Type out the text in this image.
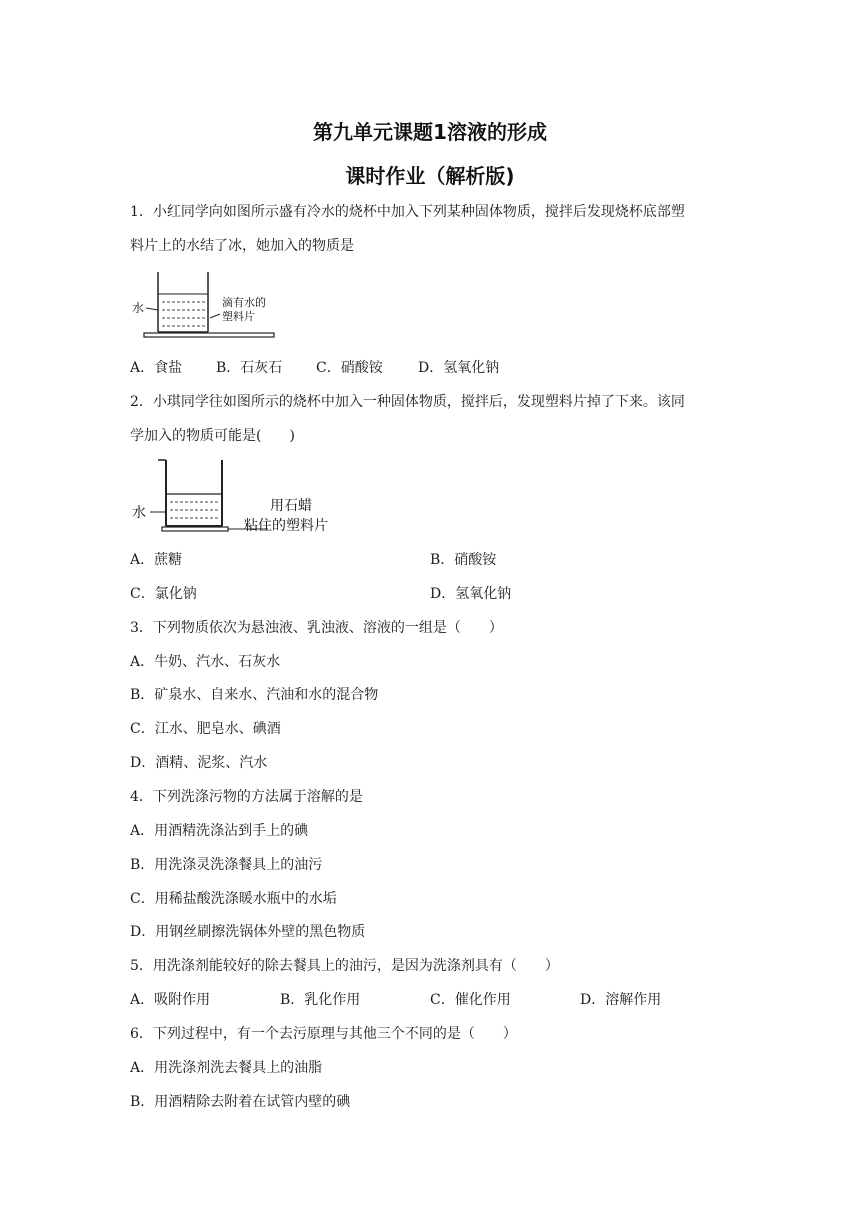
第九单元课题1溶液的形成
课时作业（解析版)
1．小红同学向如图所示盛有冷水的烧杯中加入下列某种固体物质，搅拌后发现烧杯底部塑
料片上的水结了冰，她加入的物质是
水	滴有水的
塑料片
A．食盐 B．石灰石 C．硝酸铵	D．氢氧化钠
2．小琪同学往如图所示的烧杯中加入一种固体物质，搅拌后，发现塑料片掉了下来。该同
学加入的物质可能是(　　)
水	用石蜡
粘住的塑料片
A．蔗糖	B．硝酸铵
C．氯化钠	D．氢氧化钠
3．下列物质依次为悬浊液、乳浊液、溶液的一组是（　　）
A．牛奶、汽水、石灰水
B．矿泉水、自来水、汽油和水的混合物
C．江水、肥皂水、碘酒
D．酒精、泥浆、汽水
4．下列洗涤污物的方法属于溶解的是
A．用酒精洗涤沾到手上的碘
B．用洗涤灵洗涤餐具上的油污
C．用稀盐酸洗涤暖水瓶中的水垢
D．用钢丝刷擦洗锅体外壁的黑色物质
5．用洗涤剂能较好的除去餐具上的油污，是因为洗涤剂具有（　　）
A．吸附作用	B．乳化作用	C．催化作用	D．溶解作用
6．下列过程中，有一个去污原理与其他三个不同的是（　　）
A．用洗涤剂洗去餐具上的油脂
B．用酒精除去附着在试管内壁的碘
